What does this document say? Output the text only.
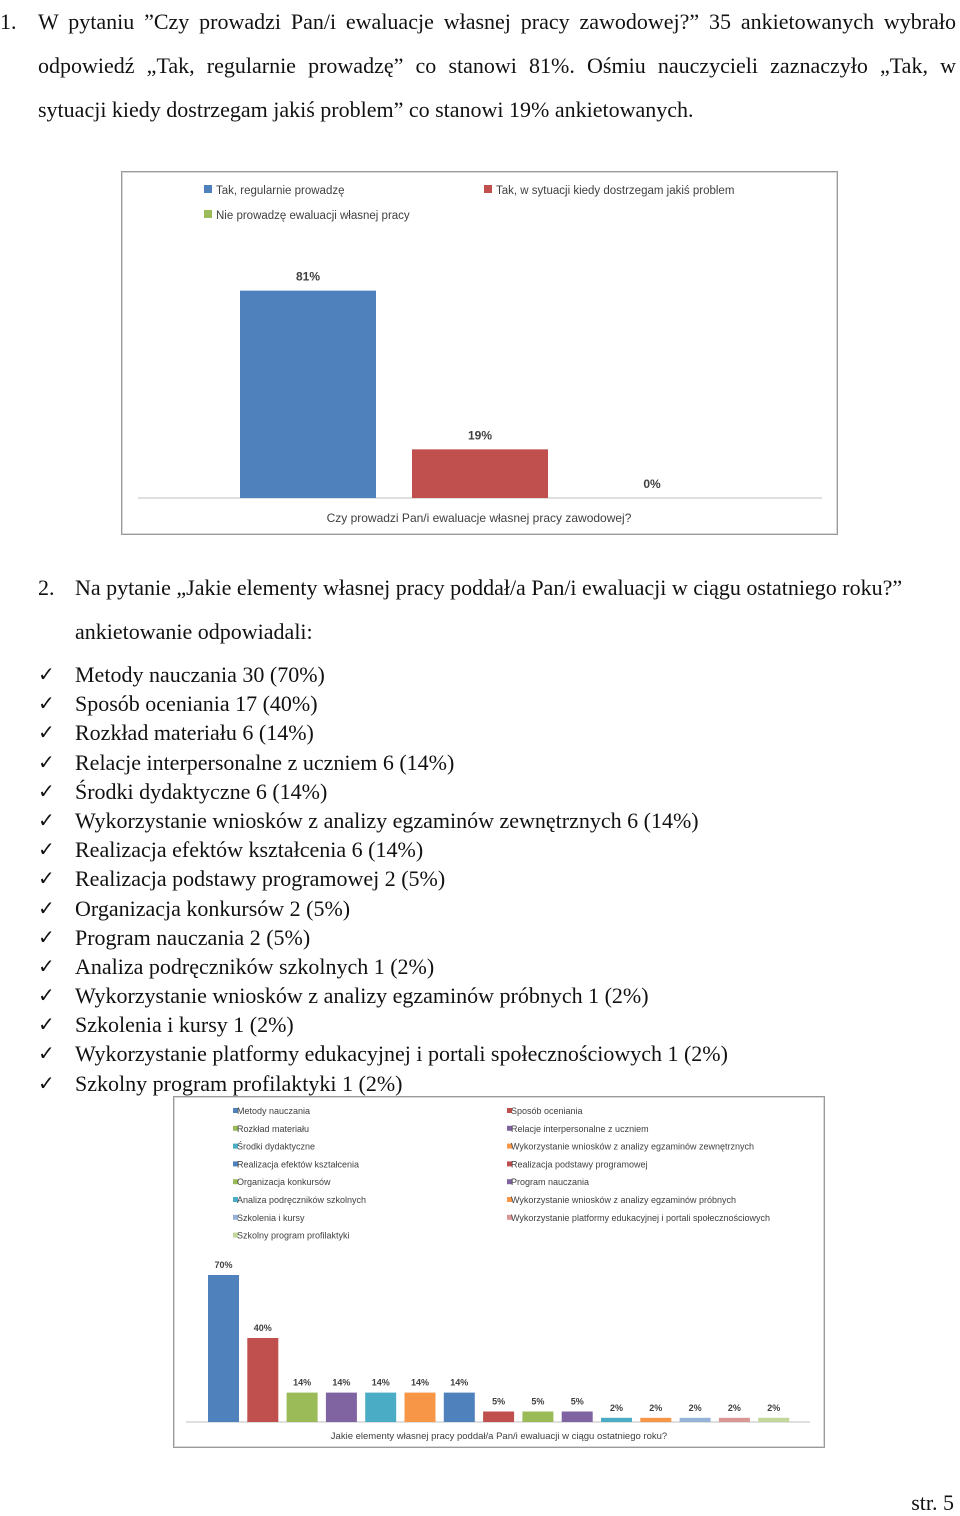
1. W pytaniu ”Czy prowadzi Pan/i ewaluacje własnej pracy zawodowej?” 35 ankietowanych wybrało odpowiedź „Tak, regularnie prowadzę” co stanowi 81%. Ośmiu nauczycieli zaznaczyło „Tak, w sytuacji kiedy dostrzegam jakiś problem” co stanowi 19% ankietowanych.
Tak, regularnie prowadzę	Tak, w sytuacji kiedy dostrzegam jakiś problem
Nie prowadzę ewaluacji własnej pracy
81%
19%
0%
Czy prowadzi Pan/i ewaluacje własnej pracy zawodowej?
2. Na pytanie „Jakie elementy własnej pracy poddał/a Pan/i ewaluacji w ciągu ostatniego roku?” ankietowanie odpowiadali:
✓ Metody nauczania 30 (70%)
✓ Sposób oceniania 17 (40%)
✓ Rozkład materiału 6 (14%)
✓ Relacje interpersonalne z uczniem 6 (14%)
✓ Środki dydaktyczne 6 (14%)
✓ Wykorzystanie wniosków z analizy egzaminów zewnętrznych 6 (14%)
✓ Realizacja efektów kształcenia 6 (14%)
✓ Realizacja podstawy programowej 2 (5%)
✓ Organizacja konkursów 2 (5%)
✓ Program nauczania 2 (5%)
✓ Analiza podręczników szkolnych 1 (2%)
✓ Wykorzystanie wniosków z analizy egzaminów próbnych 1 (2%)
✓ Szkolenia i kursy 1 (2%)
✓ Wykorzystanie platformy edukacyjnej i portali społecznościowych 1 (2%)
✓ Szkolny program profilaktyki 1 (2%)
Metody nauczania	Sposób oceniania
Rozkład materiału	Relacje interpersonalne z uczniem
Środki dydaktyczne	Wykorzystanie wniosków z analizy egzaminów zewnętrznych
Realizacja efektów kształcenia	Realizacja podstawy programowej
Organizacja konkursów	Program nauczania
Analiza podręczników szkolnych	Wykorzystanie wniosków z analizy egzaminów próbnych
Szkolenia i kursy	Wykorzystanie platformy edukacyjnej i portali społecznościowych
Szkolny program profilaktyki
70%
40%
14% 14% 14% 14% 14%
5%	5%	5%
2%	2%	2%	2%	2%
Jakie elementy własnej pracy poddał/a Pan/i ewaluacji w ciągu ostatniego roku?
str. 5
